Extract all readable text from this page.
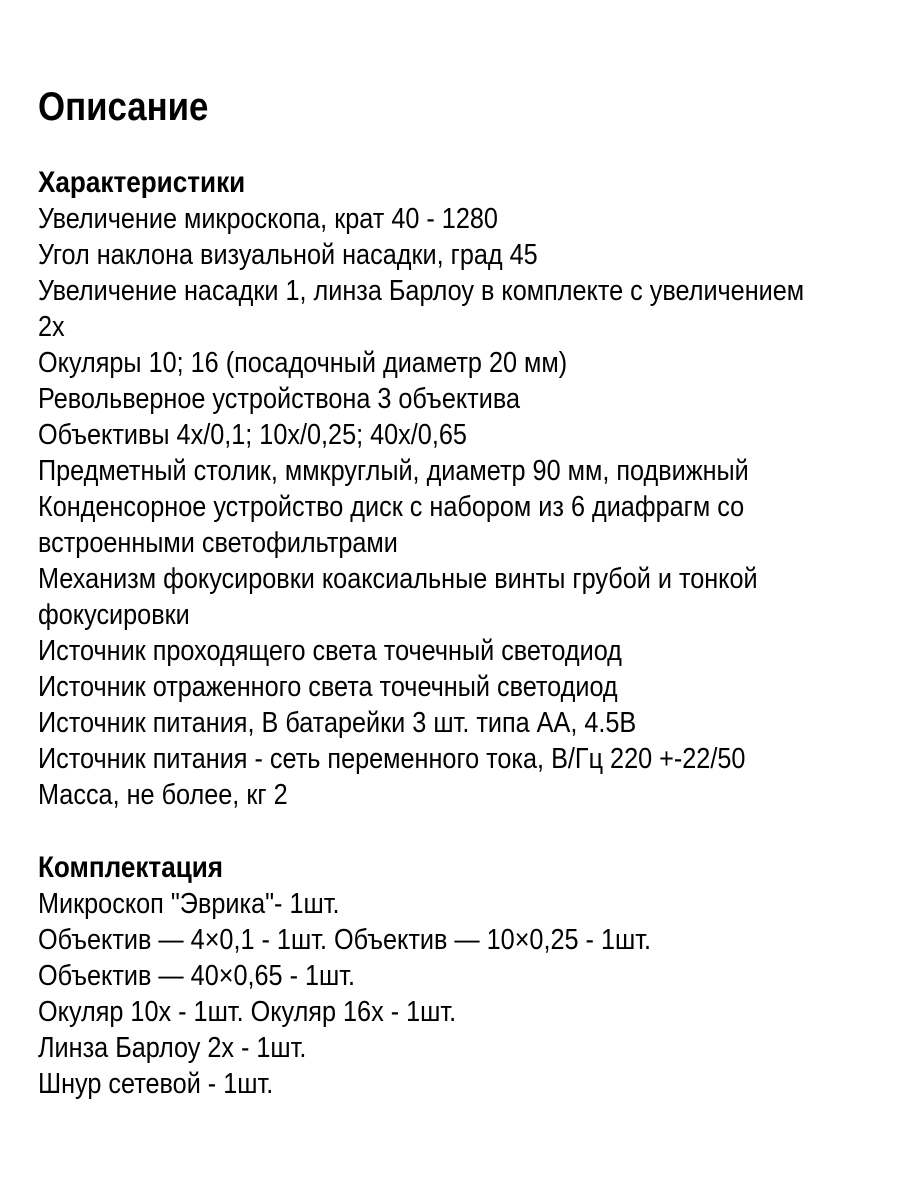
Описание
Характеристики
Увеличение микроскопа, крат 40 - 1280
Угол наклона визуальной насадки, град 45
Увеличение насадки 1, линза Барлоу в комплекте с увеличением
2х
Окуляры 10; 16 (посадочный диаметр 20 мм)
Револьверное устройствона 3 объектива
Объективы 4х/0,1; 10х/0,25; 40х/0,65
Предметный столик, ммкруглый, диаметр 90 мм, подвижный
Конденсорное устройство диск с набором из 6 диафрагм со
встроенными светофильтрами
Механизм фокусировки коаксиальные винты грубой и тонкой
фокусировки
Источник проходящего света точечный светодиод
Источник отраженного света точечный светодиод
Источник питания, В батарейки 3 шт. типа АА, 4.5В
Источник питания - сеть переменного тока, В/Гц 220 +-22/50
Масса, не более, кг 2
Комплектация
Микроскоп "Эврика"- 1шт.
Объектив — 4×0,1 - 1шт. Объектив — 10×0,25 - 1шт.
Объектив — 40×0,65 - 1шт.
Окуляр 10х - 1шт. Окуляр 16х - 1шт.
Линза Барлоу 2х - 1шт.
Шнур сетевой - 1шт.
